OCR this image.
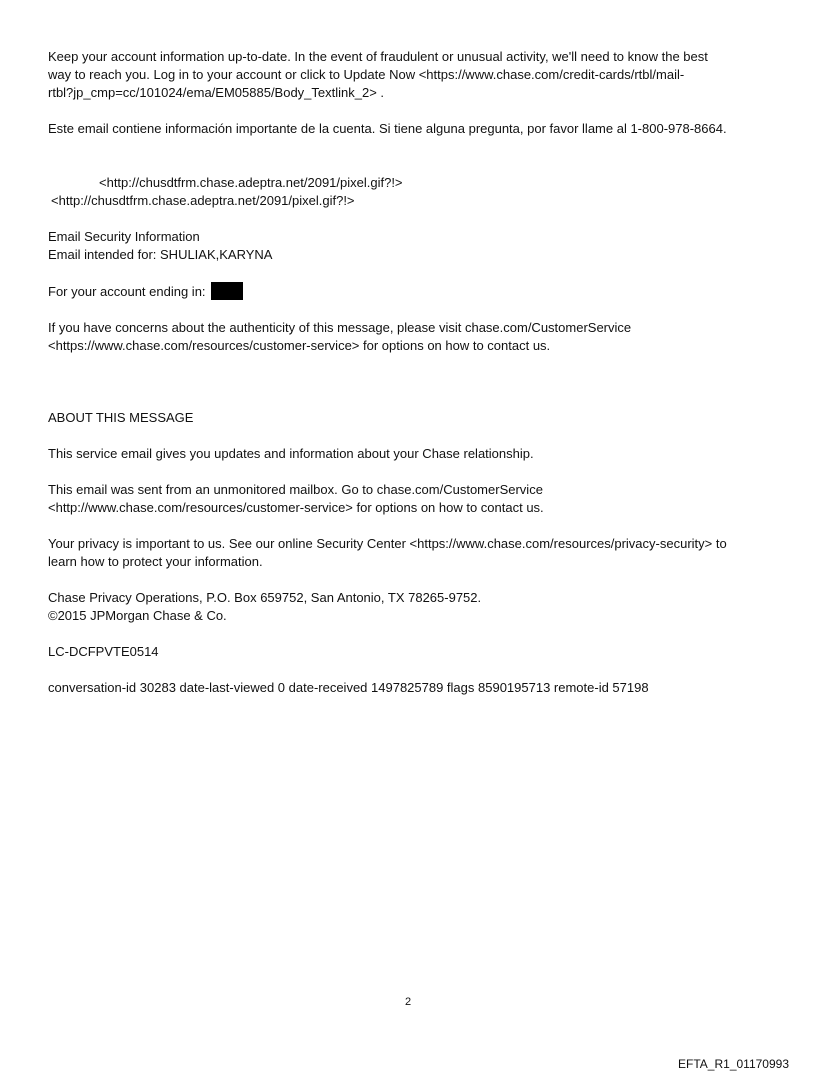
Keep your account information up-to-date. In the event of fraudulent or unusual activity, we'll need to know the best
way to reach you. Log in to your account or click to Update Now <https://www.chase.com/credit-cards/rtbl/mail-
rtbl?jp_cmp=cc/101024/ema/EM05885/Body_Textlink_2> .

Este email contiene información importante de la cuenta. Si tiene alguna pregunta, por favor llame al 1-800-978-8664.

<http://chusdtfrm.chase.adeptra.net/2091/pixel.gif?!>
<http://chusdtfrm.chase.adeptra.net/2091/pixel.gif?!>

Email Security Information
Email intended for: SHULIAK,KARYNA

For your account ending in:

If you have concerns about the authenticity of this message, please visit chase.com/CustomerService
<https://www.chase.com/resources/customer-service> for options on how to contact us.

ABOUT THIS MESSAGE

This service email gives you updates and information about your Chase relationship.

This email was sent from an unmonitored mailbox. Go to chase.com/CustomerService
<http://www.chase.com/resources/customer-service> for options on how to contact us.

Your privacy is important to us. See our online Security Center <https://www.chase.com/resources/privacy-security> to
learn how to protect your information.

Chase Privacy Operations, P.O. Box 659752, San Antonio, TX 78265-9752.
©2015 JPMorgan Chase & Co.

LC-DCFPVTE0514

conversation-id 30283 date-last-viewed 0 date-received 1497825789 flags 8590195713 remote-id 57198

2
EFTA_R1_01170993
